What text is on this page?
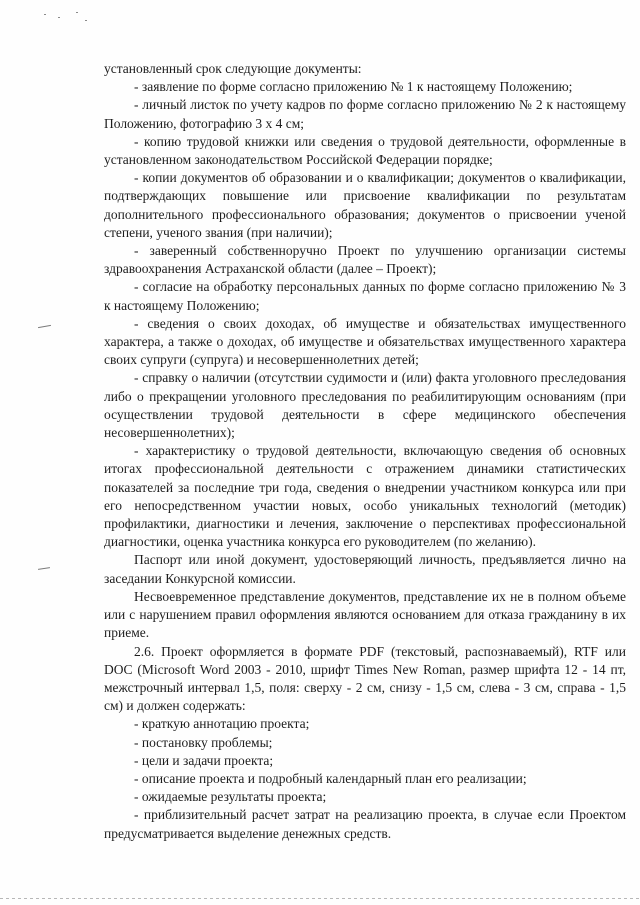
установленный срок следующие документы:

- заявление по форме согласно приложению № 1 к настоящему Положению;

- личный листок по учету кадров по форме согласно приложению № 2 к настоящему Положению, фотографию 3 х 4 см;

- копию трудовой книжки или сведения о трудовой деятельности, оформленные в установленном законодательством Российской Федерации порядке;

- копии документов об образовании и о квалификации; документов о квалификации, подтверждающих повышение или присвоение квалификации по результатам дополнительного профессионального образования; документов о присвоении ученой степени, ученого звания (при наличии);

- заверенный собственноручно Проект по улучшению организации системы здравоохранения Астраханской области (далее – Проект);

- согласие на обработку персональных данных по форме согласно приложению № 3 к настоящему Положению;

- сведения о своих доходах, об имуществе и обязательствах имущественного характера, а также о доходах, об имуществе и обязательствах имущественного характера своих супруги (супруга) и несовершеннолетних детей;

- справку о наличии (отсутствии судимости и (или) факта уголовного преследования либо о прекращении уголовного преследования по реабилитирующим основаниям (при осуществлении трудовой деятельности в сфере медицинского обеспечения несовершеннолетних);

- характеристику о трудовой деятельности, включающую сведения об основных итогах профессиональной деятельности с отражением динамики статистических показателей за последние три года, сведения о внедрении участником конкурса или при его непосредственном участии новых, особо уникальных технологий (методик) профилактики, диагностики и лечения, заключение о перспективах профессиональной диагностики, оценка участника конкурса его руководителем (по желанию).

Паспорт или иной документ, удостоверяющий личность, предъявляется лично на заседании Конкурсной комиссии.

Несвоевременное представление документов, представление их не в полном объеме или с нарушением правил оформления являются основанием для отказа гражданину в их приеме.

2.6. Проект оформляется в формате PDF (текстовый, распознаваемый), RTF или DOC (Microsoft Word 2003 - 2010, шрифт Times New Roman, размер шрифта 12 - 14 пт, межстрочный интервал 1,5, поля: сверху - 2 см, снизу - 1,5 см, слева - 3 см, справа - 1,5 см) и должен содержать:

- краткую аннотацию проекта;

- постановку проблемы;

- цели и задачи проекта;

- описание проекта и подробный календарный план его реализации;

- ожидаемые результаты проекта;

- приблизительный расчет затрат на реализацию проекта, в случае если Проектом предусматривается выделение денежных средств.
